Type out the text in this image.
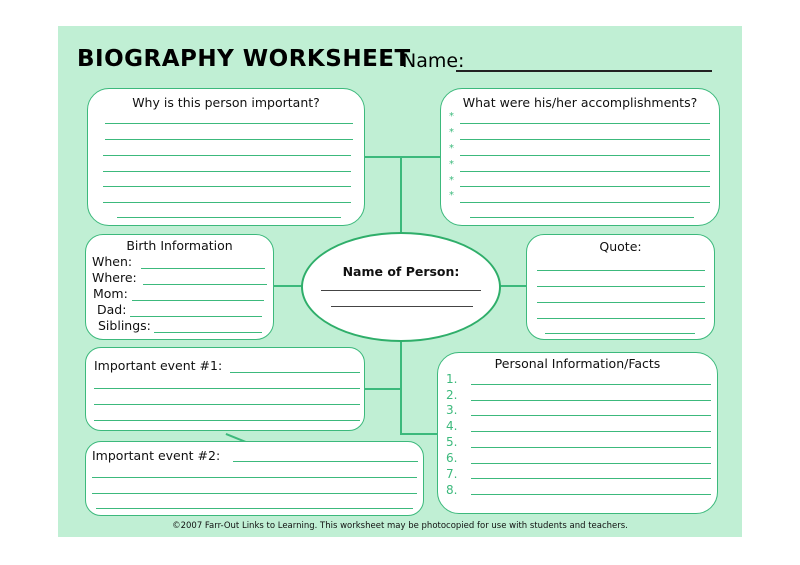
BIOGRAPHY WORKSHEET
Name:
Why is this person important?	What were his/her accomplishments?
*
*
*
*
*
*
Birth Information
When:
Where:
Mom:
Dad:
Siblings:
Name of Person:
Quote:
Important event #1:
Important event #2:
Personal Information/Facts
1.
2.
3.
4.
5.
6.
7.
8.
©2007 Farr-Out Links to Learning. This worksheet may be photocopied for use with students and teachers.
